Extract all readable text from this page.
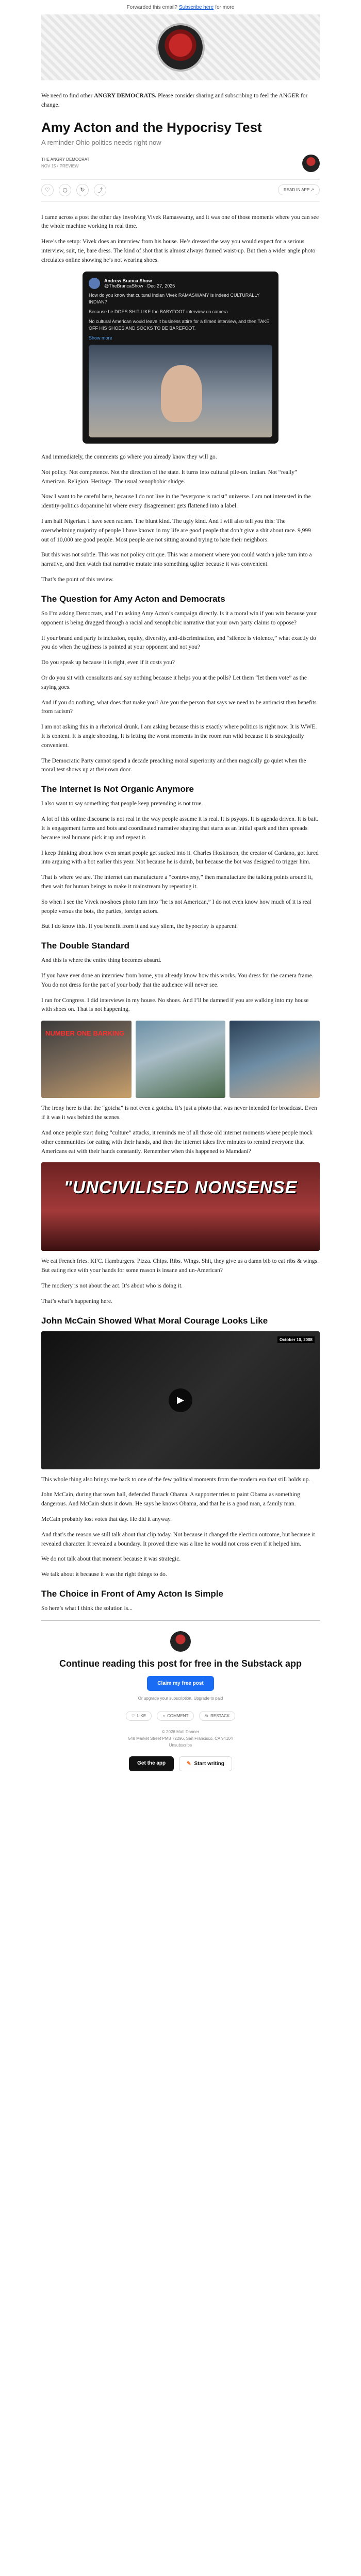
Forwarded this email? Subscribe here for more

We need to find other ANGRY DEMOCRATS. Please consider sharing and subscribing to feel the ANGER for change.

Amy Acton and the Hypocrisy Test
A reminder Ohio politics needs right now
THE ANGRY DEMOCRAT
NOV 15 • PREVIEW
♡	○	↻	⤴	READ IN APP ↗

I came across a post the other day involving Vivek Ramaswamy, and it was one of those moments where you can see the whole machine working in real time.

Here’s the setup: Vivek does an interview from his house. He’s dressed the way you would expect for a serious interview, suit, tie, bare dress. The kind of shot that is almost always framed waist-up. But then a wider angle photo circulates online showing he’s not wearing shoes.

Andrew Branca Show
@TheBrancaShow · Dec 27, 2025
How do you know that cultural Indian Vivek RAMASWAMY is indeed CULTURALLY INDIAN?
Because he DOES SHIT LIKE the BABYFOOT interview on camera.
No cultural American would leave it business attire for a filmed interview, and then TAKE OFF HIS SHOES AND SOCKS TO BE BAREFOOT.
Show more

And immediately, the comments go where you already know they will go.

Not policy. Not competence. Not the direction of the state. It turns into cultural pile-on. Indian. Not “really” American. Religion. Heritage. The usual xenophobic sludge.

Now I want to be careful here, because I do not live in the “everyone is racist” universe. I am not interested in the identity-politics dopamine hit where every disagreement gets flattened into a label.

I am half Nigerian. I have seen racism. The blunt kind. The ugly kind. And I will also tell you this: The overwhelming majority of people I have known in my life are good people that don’t give a shit about race. 9,999 out of 10,000 are good people. Most people are not sitting around trying to hate their neighbors.

But this was not subtle. This was not policy critique. This was a moment where you could watch a joke turn into a narrative, and then watch that narrative mutate into something uglier because it was convenient.

That’s the point of this review.

The Question for Amy Acton and Democrats

So I’m asking Democrats, and I’m asking Amy Acton’s campaign directly. Is it a moral win if you win because your opponent is being dragged through a racial and xenophobic narrative that your own party claims to oppose?

If your brand and party is inclusion, equity, diversity, anti-discrimination, and “silence is violence,” what exactly do you do when the ugliness is pointed at your opponent and not you?

Do you speak up because it is right, even if it costs you?

Or do you sit with consultants and say nothing because it helps you at the polls? Let them “let them vote” as the saying goes.

And if you do nothing, what does that make you? Are you the person that says we need to be antiracist then benefits from racism?

I am not asking this in a rhetorical drunk. I am asking because this is exactly where politics is right now. It is WWE. It is content. It is angle shooting. It is letting the worst moments in the room run wild because it is strategically convenient.

The Democratic Party cannot spend a decade preaching moral superiority and then magically go quiet when the moral test shows up at their own door.

The Internet Is Not Organic Anymore

I also want to say something that people keep pretending is not true.

A lot of this online discourse is not real in the way people assume it is real. It is psyops. It is agenda driven. It is bait. It is engagement farms and bots and coordinated narrative shaping that starts as an initial spark and then spreads because real humans pick it up and repeat it.

I keep thinking about how even smart people get sucked into it. Charles Hoskinson, the creator of Cardano, got lured into arguing with a bot earlier this year. Not because he is dumb, but because the bot was designed to trigger him.

That is where we are. The internet can manufacture a “controversy,” then manufacture the talking points around it, then wait for human beings to make it mainstream by repeating it.

So when I see the Vivek no-shoes photo turn into “he is not American,” I do not even know how much of it is real people versus the bots, the parties, foreign actors.

But I do know this. If you benefit from it and stay silent, the hypocrisy is apparent.

The Double Standard

And this is where the entire thing becomes absurd.

If you have ever done an interview from home, you already know how this works. You dress for the camera frame. You do not dress for the part of your body that the audience will never see.

I ran for Congress. I did interviews in my house. No shoes. And I’ll be damned if you are walking into my house with shoes on. That is not happening.

NUMBER ONE BARKING

The irony here is that the “gotcha” is not even a gotcha. It’s just a photo that was never intended for broadcast. Even if it was it was behind the scenes.

And once people start doing “culture” attacks, it reminds me of all those old internet moments where people mock other communities for eating with their hands, and then the internet takes five minutes to remind everyone that Americans eat with their hands constantly. Remember when this happened to Mamdani?

"UNCIVILISED NONSENSE

We eat French fries. KFC. Hamburgers. Pizza. Chips. Ribs. Wings. Shit, they give us a damn bib to eat ribs & wings. But eating rice with your hands for some reason is insane and un-American?

The mockery is not about the act. It’s about who is doing it.

That’s what’s happening here.

John McCain Showed What Moral Courage Looks Like
October 10, 2008
▶

This whole thing also brings me back to one of the few political moments from the modern era that still holds up.

John McCain, during that town hall, defended Barack Obama. A supporter tries to paint Obama as something dangerous. And McCain shuts it down. He says he knows Obama, and that he is a good man, a family man.

McCain probably lost votes that day. He did it anyway.

And that’s the reason we still talk about that clip today. Not because it changed the election outcome, but because it revealed character. It revealed a boundary. It proved there was a line he would not cross even if it helped him.

We do not talk about that moment because it was strategic.

We talk about it because it was the right things to do.

The Choice in Front of Amy Acton Is Simple

So here’s what I think the solution is...

Continue reading this post for free in the Substack app
Claim my free post
Or upgrade your subscription. Upgrade to paid
♡ LIKE	○ COMMENT	↻ RESTACK
© 2026 Matt Danner
548 Market Street PMB 72296, San Francisco, CA 94104
Unsubscribe
Get the app	✎ Start writing
